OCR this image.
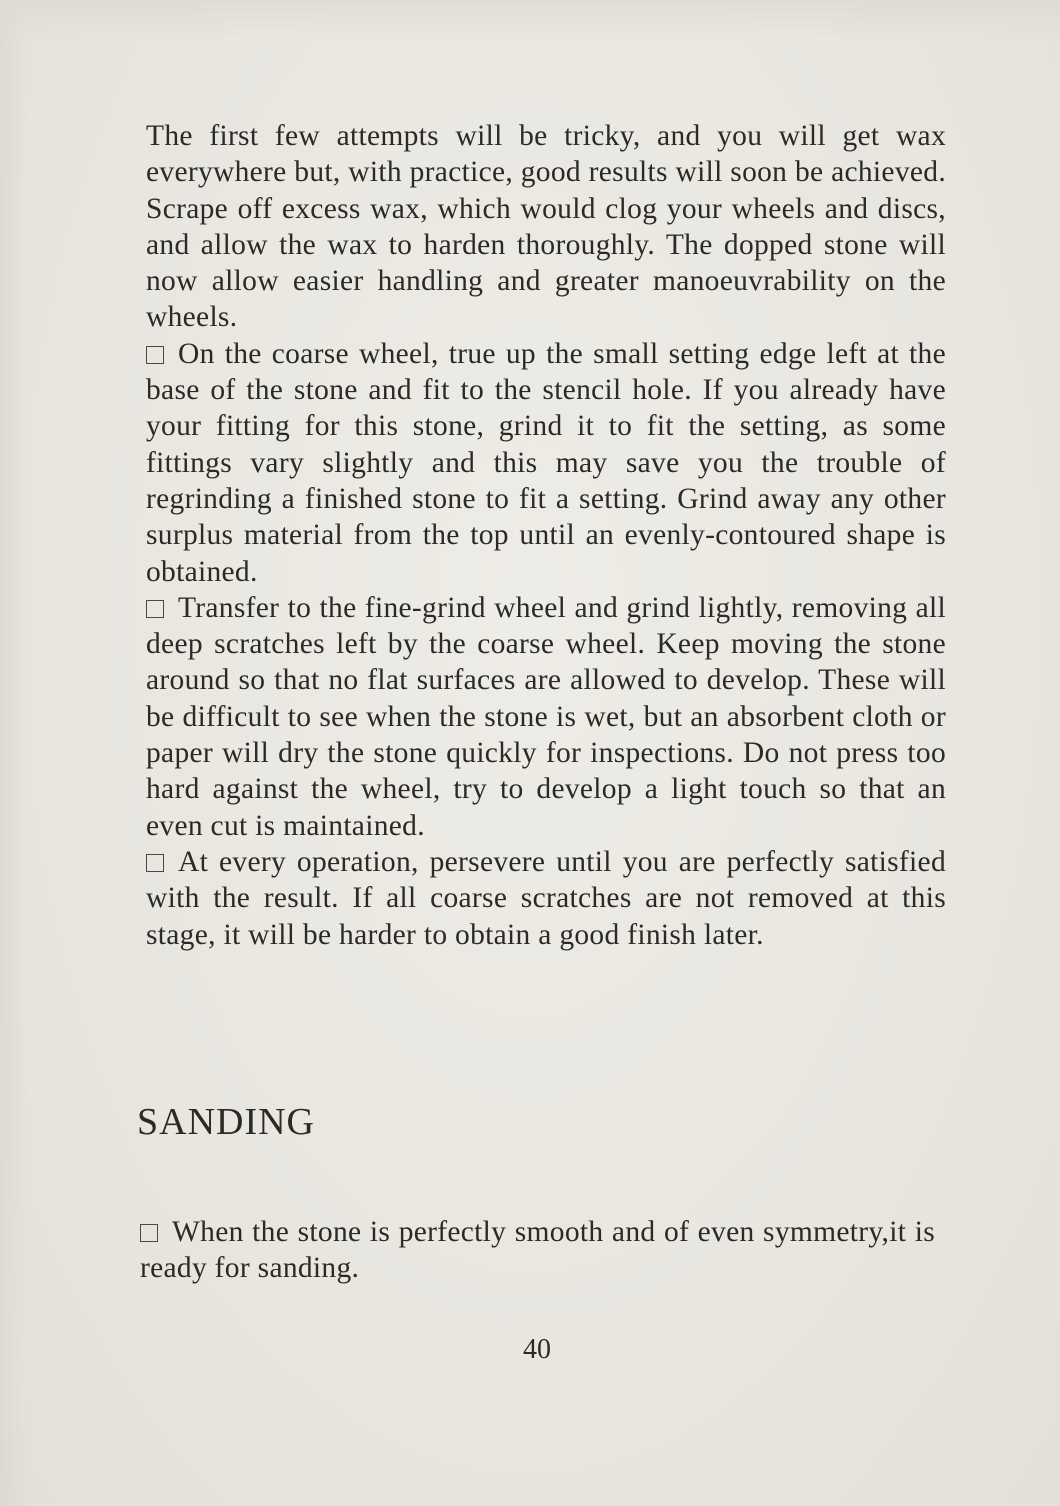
The first few attempts will be tricky, and you will get wax everywhere but, with practice, good results will soon be achieved. Scrape off excess wax, which would clog your wheels and discs, and allow the wax to harden thoroughly. The dopped stone will now allow easier handling and greater manoeuvrability on the wheels.

On the coarse wheel, true up the small setting edge left at the base of the stone and fit to the stencil hole. If you already have your fitting for this stone, grind it to fit the setting, as some fittings vary slightly and this may save you the trouble of regrinding a finished stone to fit a setting. Grind away any other surplus material from the top until an evenly-contoured shape is obtained.

Transfer to the fine-grind wheel and grind lightly, removing all deep scratches left by the coarse wheel. Keep moving the stone around so that no flat surfaces are allowed to develop. These will be difficult to see when the stone is wet, but an absorbent cloth or paper will dry the stone quickly for inspections. Do not press too hard against the wheel, try to develop a light touch so that an even cut is maintained.

At every operation, persevere until you are perfectly satisfied with the result. If all coarse scratches are not removed at this stage, it will be harder to obtain a good finish later.

SANDING

When the stone is perfectly smooth and of even symmetry,it is ready for sanding.

40
